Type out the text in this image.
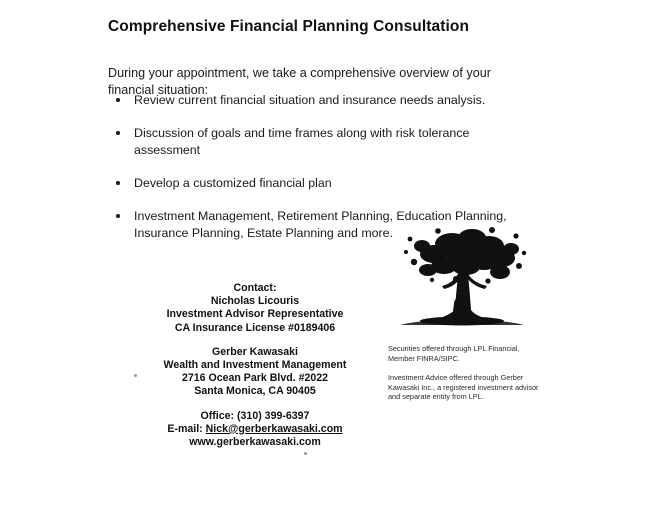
Comprehensive Financial Planning Consultation

During your appointment, we take a comprehensive overview of your financial situation:

Review current financial situation and insurance needs analysis.
Discussion of goals and time frames along with risk tolerance assessment
Develop a customized financial plan
Investment Management, Retirement Planning, Education Planning, Insurance Planning, Estate Planning and more.
Contact:
Nicholas Licouris
Investment Advisor Representative
CA Insurance License #0189406
Gerber Kawasaki
Wealth and Investment Management
2716 Ocean Park Blvd. #2022
Santa Monica, CA 90405
Office: (310) 399-6397
E-mail: Nick@gerberkawasaki.com
www.gerberkawasaki.com

Securities offered through LPL Financial, Member FINRA/SIPC.

Investment Advice offered through Gerber Kawasaki Inc., a registered investment advisor and separate entity from LPL.
